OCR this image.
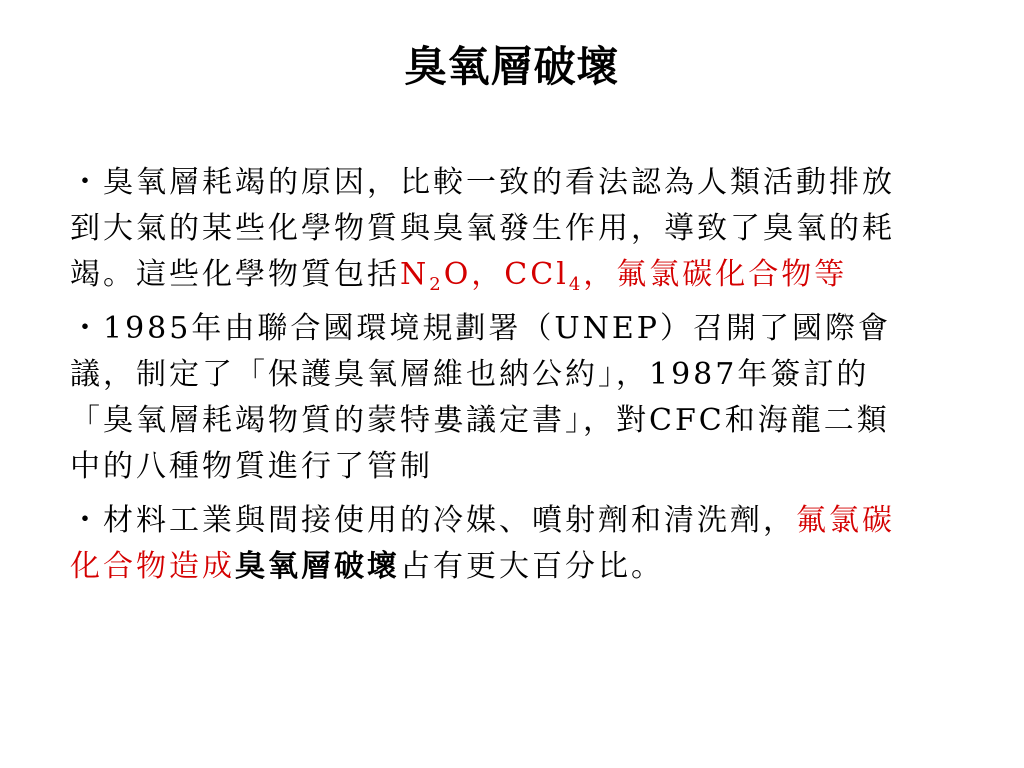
臭氧層破壞
・臭氧層耗竭的原因，比較一致的看法認為人類活動排放到大氣的某些化學物質與臭氧發生作用，導致了臭氧的耗竭。這些化學物質包括$N_2O$，CCl$_4$，氟氯碳化合物等
・1985年由聯合國環境規劃署（UNEP）召開了國際會議，制定了「保護臭氧層維也納公約」，1987年簽訂的「臭氧層耗竭物質的蒙特婁議定書」，對CFC和海龍二類中的八種物質進行了管制
・材料工業與間接使用的冷媒、噴射劑和清洗劑，氟氯碳化合物造成臭氧層破壞占有更大百分比。
